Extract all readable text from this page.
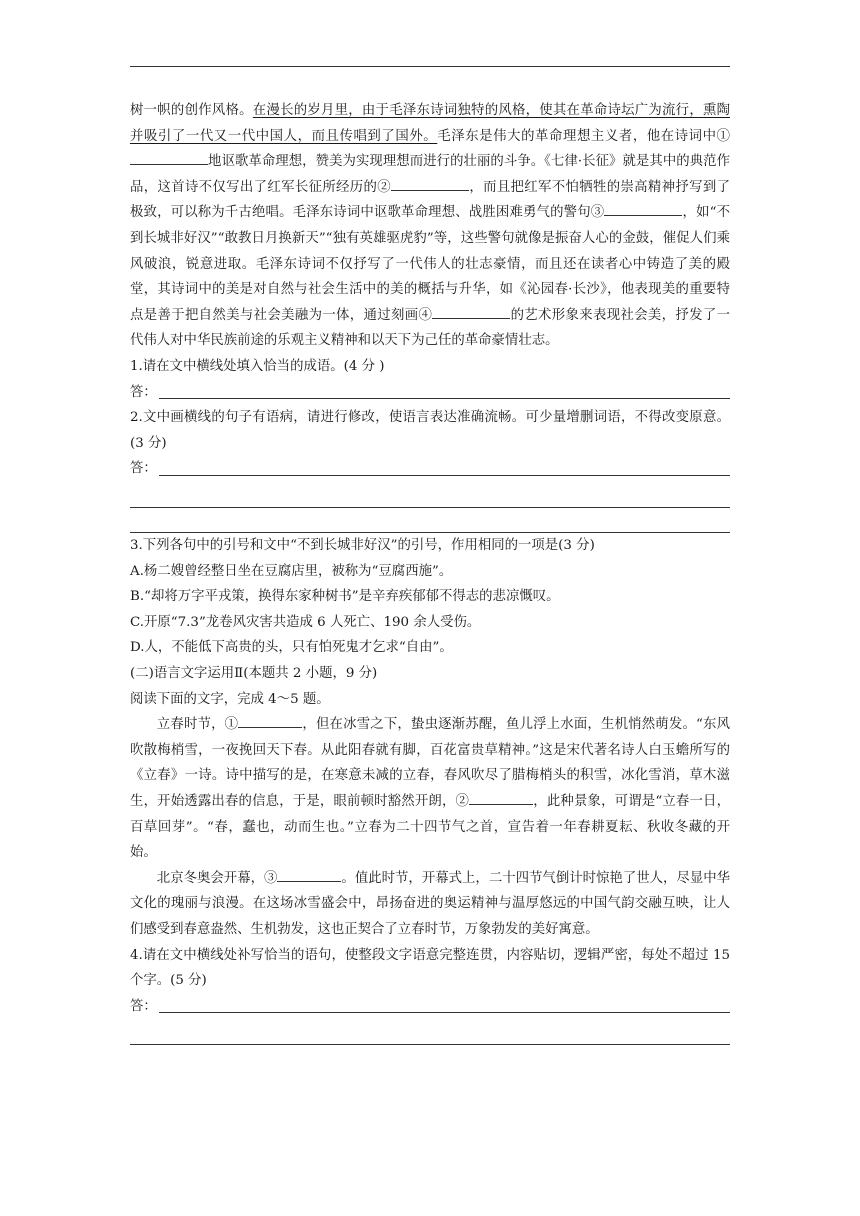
树一帜的创作风格。在漫长的岁月里，由于毛泽东诗词独特的风格，使其在革命诗坛广为流行，熏陶并吸引了一代又一代中国人，而且传唱到了国外。毛泽东是伟大的革命理想主义者，他在诗词中①地讴歌革命理想，赞美为实现理想而进行的壮丽的斗争。《七律·长征》就是其中的典范作品，这首诗不仅写出了红军长征所经历的②	，而且把红军不怕牺牲的崇高精神抒写到了极致，可以称为千古绝唱。毛泽东诗词中讴歌革命理想、战胜困难勇气的警句③	，如“不到长城非好汉”“敢教日月换新天”“独有英雄驱虎豹”等，这些警句就像是振奋人心的金鼓，催促人们乘风破浪，锐意进取。毛泽东诗词不仅抒写了一代伟人的壮志豪情，而且还在读者心中铸造了美的殿堂，其诗词中的美是对自然与社会生活中的美的概括与升华，如《沁园春·长沙》，他表现美的重要特点是善于把自然美与社会美融为一体，通过刻画④	的艺术形象来表现社会美，抒发了一代伟人对中华民族前途的乐观主义精神和以天下为己任的革命豪情壮志。

1.请在文中横线处填入恰当的成语。(4 分 )

答：

2.文中画横线的句子有语病，请进行修改，使语言表达准确流畅。可少量增删词语，不得改变原意。(3 分)

答：

3.下列各句中的引号和文中“不到长城非好汉”的引号，作用相同的一项是(3 分)

A.杨二嫂曾经整日坐在豆腐店里，被称为“豆腐西施”。

B.“却将万字平戎策，换得东家种树书”是辛弃疾郁郁不得志的悲凉慨叹。

C.开原“7.3”龙卷风灾害共造成 6 人死亡、190 余人受伤。

D.人，不能低下高贵的头，只有怕死鬼才乞求“自由”。

(二)语言文字运用Ⅱ(本题共 2 小题，9 分)

阅读下面的文字，完成 4～5 题。

立春时节，①	，但在冰雪之下，蛰虫逐渐苏醒，鱼儿浮上水面，生机悄然萌发。“东风吹散梅梢雪，一夜挽回天下春。从此阳春就有脚，百花富贵草精神。”这是宋代著名诗人白玉蟾所写的《立春》一诗。诗中描写的是，在寒意未减的立春，春风吹尽了腊梅梢头的积雪，冰化雪消，草木滋生，开始透露出春的信息，于是，眼前顿时豁然开朗，②	，此种景象，可谓是“立春一日，百草回芽”。“春，蠢也，动而生也。”立春为二十四节气之首，宣告着一年春耕夏耘、秋收冬藏的开始。

北京冬奥会开幕，③	。值此时节，开幕式上，二十四节气倒计时惊艳了世人，尽显中华文化的瑰丽与浪漫。在这场冰雪盛会中，昂扬奋进的奥运精神与温厚悠远的中国气韵交融互映，让人们感受到春意盎然、生机勃发，这也正契合了立春时节，万象勃发的美好寓意。

4.请在文中横线处补写恰当的语句，使整段文字语意完整连贯，内容贴切，逻辑严密，每处不超过 15 个字。(5 分)

答：
